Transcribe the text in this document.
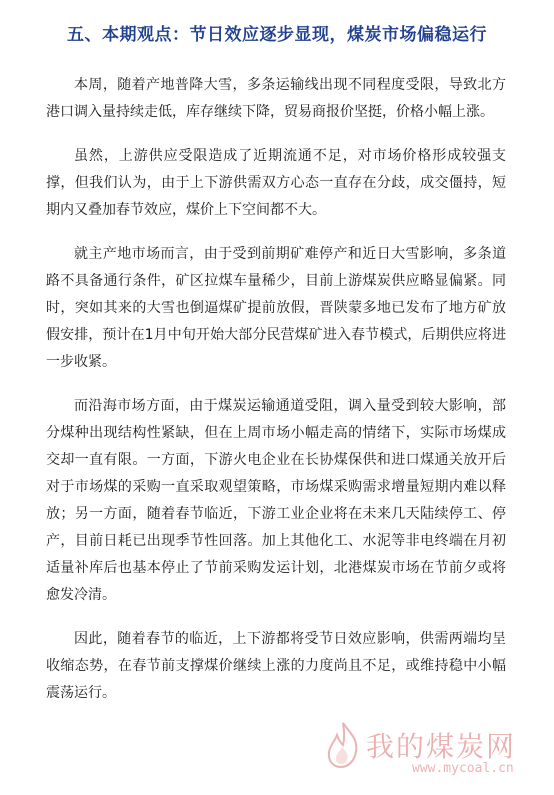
五、本期观点：节日效应逐步显现，煤炭市场偏稳运行

本周，随着产地普降大雪，多条运输线出现不同程度受限，导致北方港口调入量持续走低，库存继续下降，贸易商报价坚挺，价格小幅上涨。

虽然，上游供应受限造成了近期流通不足，对市场价格形成较强支撑，但我们认为，由于上下游供需双方心态一直存在分歧，成交僵持，短期内又叠加春节效应，煤价上下空间都不大。

就主产地市场而言，由于受到前期矿难停产和近日大雪影响，多条道路不具备通行条件，矿区拉煤车量稀少，目前上游煤炭供应略显偏紧。同时，突如其来的大雪也倒逼煤矿提前放假，晋陕蒙多地已发布了地方矿放假安排，预计在1月中旬开始大部分民营煤矿进入春节模式，后期供应将进一步收紧。

而沿海市场方面，由于煤炭运输通道受阻，调入量受到较大影响，部分煤种出现结构性紧缺，但在上周市场小幅走高的情绪下，实际市场煤成交却一直有限。一方面，下游火电企业在长协煤保供和进口煤通关放开后对于市场煤的采购一直采取观望策略，市场煤采购需求增量短期内难以释放；另一方面，随着春节临近，下游工业企业将在未来几天陆续停工、停产，目前日耗已出现季节性回落。加上其他化工、水泥等非电终端在月初适量补库后也基本停止了节前采购发运计划，北港煤炭市场在节前夕或将愈发冷清。

因此，随着春节的临近，上下游都将受节日效应影响，供需两端均呈收缩态势，在春节前支撑煤价继续上涨的力度尚且不足，或维持稳中小幅震荡运行。

我的煤炭网
www.mycoal.cn
